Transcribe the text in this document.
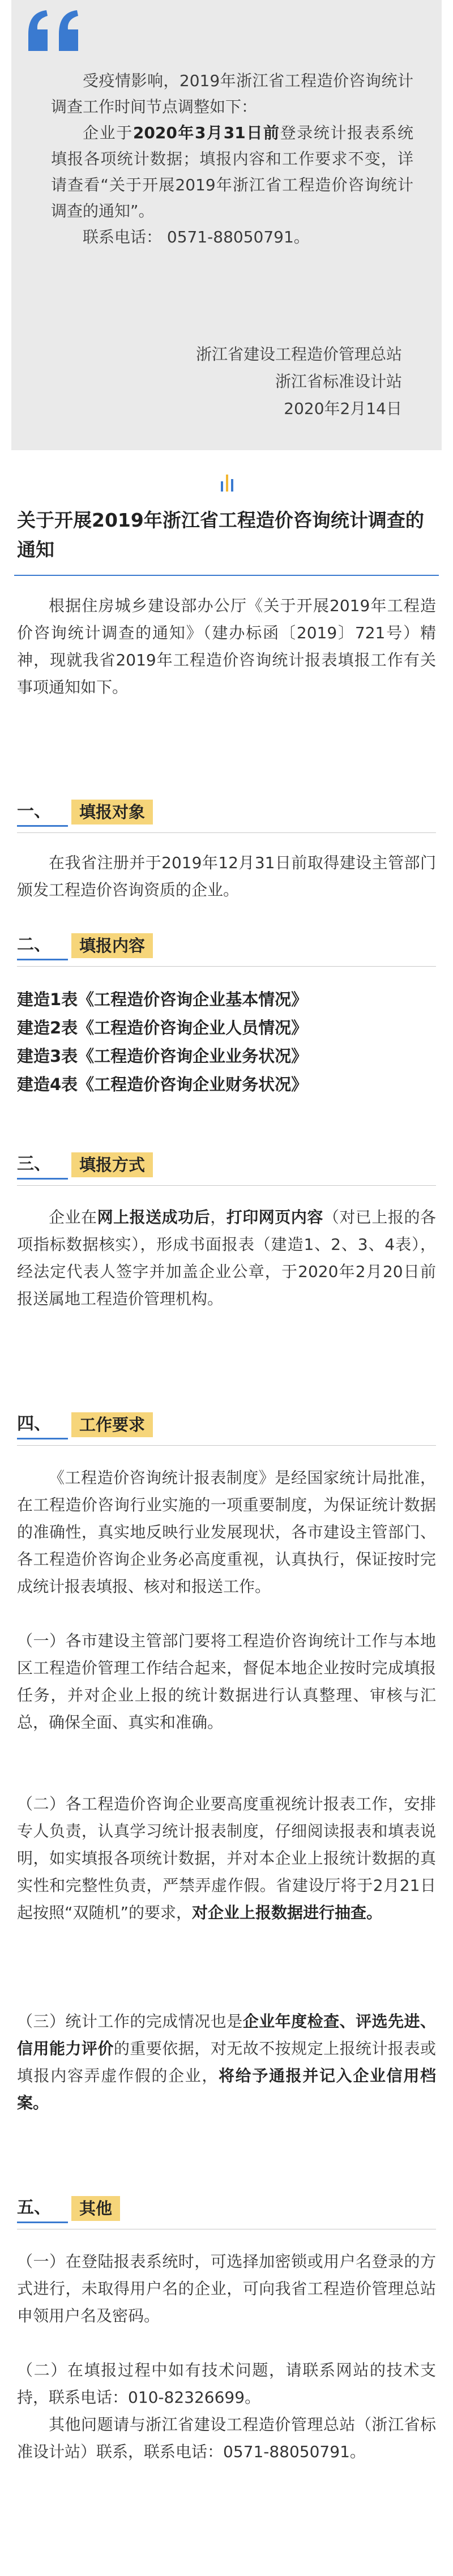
受疫情影响，2019年浙江省工程造价咨询统计调查工作时间节点调整如下：

企业于2020年3月31日前登录统计报表系统填报各项统计数据；填报内容和工作要求不变，详请查看“关于开展2019年浙江省工程造价咨询统计调查的通知”。

联系电话： 0571-88050791。

浙江省建设工程造价管理总站
浙江省标准设计站
2020年2月14日
关于开展2019年浙江省工程造价咨询统计调查的通知

根据住房城乡建设部办公厅《关于开展2019年工程造价咨询统计调查的通知》（建办标函〔2019〕721号）精神，现就我省2019年工程造价咨询统计报表填报工作有关事项通知如下。

一、	填报对象

在我省注册并于2019年12月31日前取得建设主管部门颁发工程造价咨询资质的企业。

二、	填报内容
建造1表《工程造价咨询企业基本情况》
建造2表《工程造价咨询企业人员情况》
建造3表《工程造价咨询企业业务状况》
建造4表《工程造价咨询企业财务状况》
三、	填报方式

企业在网上报送成功后，打印网页内容（对已上报的各项指标数据核实），形成书面报表（建造1、2、3、4表），经法定代表人签字并加盖企业公章，于2020年2月20日前报送属地工程造价管理机构。

四、	工作要求

《工程造价咨询统计报表制度》是经国家统计局批准，在工程造价咨询行业实施的一项重要制度，为保证统计数据的准确性，真实地反映行业发展现状，各市建设主管部门、各工程造价咨询企业务必高度重视，认真执行，保证按时完成统计报表填报、核对和报送工作。

（一）各市建设主管部门要将工程造价咨询统计工作与本地区工程造价管理工作结合起来，督促本地企业按时完成填报任务，并对企业上报的统计数据进行认真整理、审核与汇总，确保全面、真实和准确。

（二）各工程造价咨询企业要高度重视统计报表工作，安排专人负责，认真学习统计报表制度，仔细阅读报表和填表说明，如实填报各项统计数据，并对本企业上报统计数据的真实性和完整性负责，严禁弄虚作假。省建设厅将于2月21日起按照“双随机”的要求，对企业上报数据进行抽查。

（三）统计工作的完成情况也是企业年度检查、评选先进、信用能力评价的重要依据，对无故不按规定上报统计报表或填报内容弄虚作假的企业，将给予通报并记入企业信用档案。

五、	其他

（一）在登陆报表系统时，可选择加密锁或用户名登录的方式进行，未取得用户名的企业，可向我省工程造价管理总站申领用户名及密码。

（二）在填报过程中如有技术问题，请联系网站的技术支持，联系电话：010-82326699。

其他问题请与浙江省建设工程造价管理总站（浙江省标准设计站）联系，联系电话：0571-88050791。
